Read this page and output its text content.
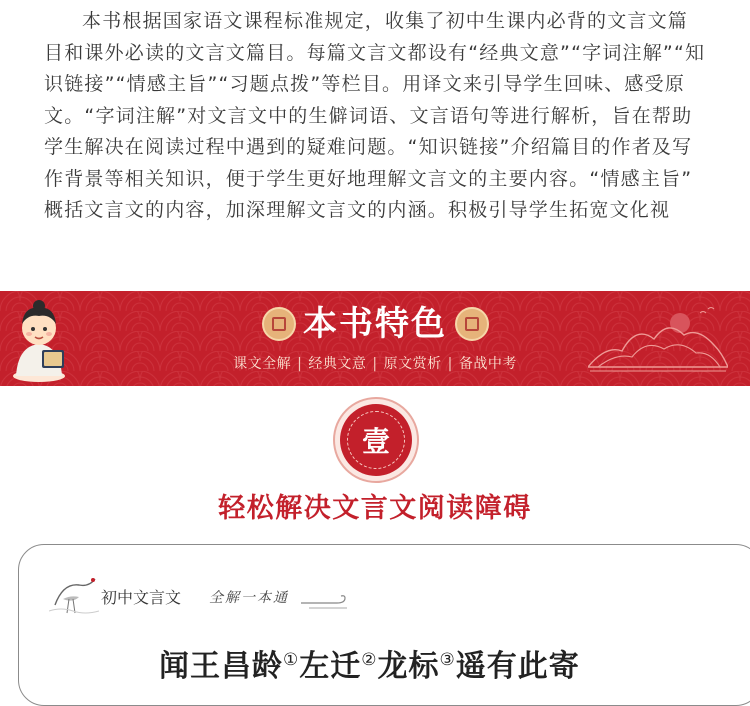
本书根据国家语文课程标准规定，收集了初中生课内必背的文言文篇
目和课外必读的文言文篇目。每篇文言文都设有“经典文意”“字词注解”“知
识链接”“情感主旨”“习题点拨”等栏目。用译文来引导学生回味、感受原
文。“字词注解”对文言文中的生僻词语、文言语句等进行解析，旨在帮助
学生解决在阅读过程中遇到的疑难问题。“知识链接”介绍篇目的作者及写
作背景等相关知识，便于学生更好地理解文言文的主要内容。“情感主旨”
概括文言文的内容，加深理解文言文的内涵。积极引导学生拓宽文化视
本书特色
课文全解 | 经典文意 | 原文赏析 | 备战中考
壹
轻松解决文言文阅读障碍
初中文言文 全解一本通
闻王昌龄①左迁②龙标③遥有此寄
